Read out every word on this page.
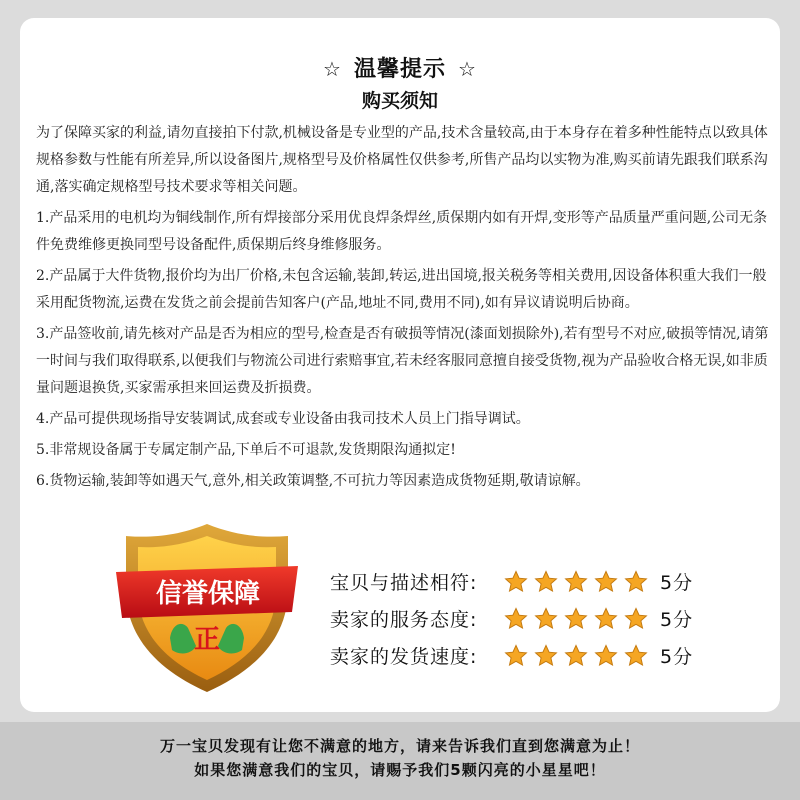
☆ 温馨提示 ☆
购买须知

为了保障买家的利益,请勿直接拍下付款,机械设备是专业型的产品,技术含量较高,由于本身存在着多种性能特点以致具体规格参数与性能有所差异,所以设备图片,规格型号及价格属性仅供参考,所售产品均以实物为准,购买前请先跟我们联系沟通,落实确定规格型号技术要求等相关问题。

1.产品采用的电机均为铜线制作,所有焊接部分采用优良焊条焊丝,质保期内如有开焊,变形等产品质量严重问题,公司无条件免费维修更换同型号设备配件,质保期后终身维修服务。

2.产品属于大件货物,报价均为出厂价格,未包含运输,装卸,转运,进出国境,报关税务等相关费用,因设备体积重大我们一般采用配货物流,运费在发货之前会提前告知客户(产品,地址不同,费用不同),如有异议请说明后协商。

3.产品签收前,请先核对产品是否为相应的型号,检查是否有破损等情况(漆面划损除外),若有型号不对应,破损等情况,请第一时间与我们取得联系,以便我们与物流公司进行索赔事宜,若未经客服同意擅自接受货物,视为产品验收合格无误,如非质量问题退换货,买家需承担来回运费及折损费。

4.产品可提供现场指导安装调试,成套或专业设备由我司技术人员上门指导调试。

5.非常规设备属于专属定制产品,下单后不可退款,发货期限沟通拟定!

6.货物运输,装卸等如遇天气,意外,相关政策调整,不可抗力等因素造成货物延期,敬请谅解。

信誉保障
正
宝贝与描述相符:	5分
卖家的服务态度:	5分
卖家的发货速度:	5分
万一宝贝发现有让您不满意的地方，请来告诉我们直到您满意为止！
如果您满意我们的宝贝，请赐予我们5颗闪亮的小星星吧！
